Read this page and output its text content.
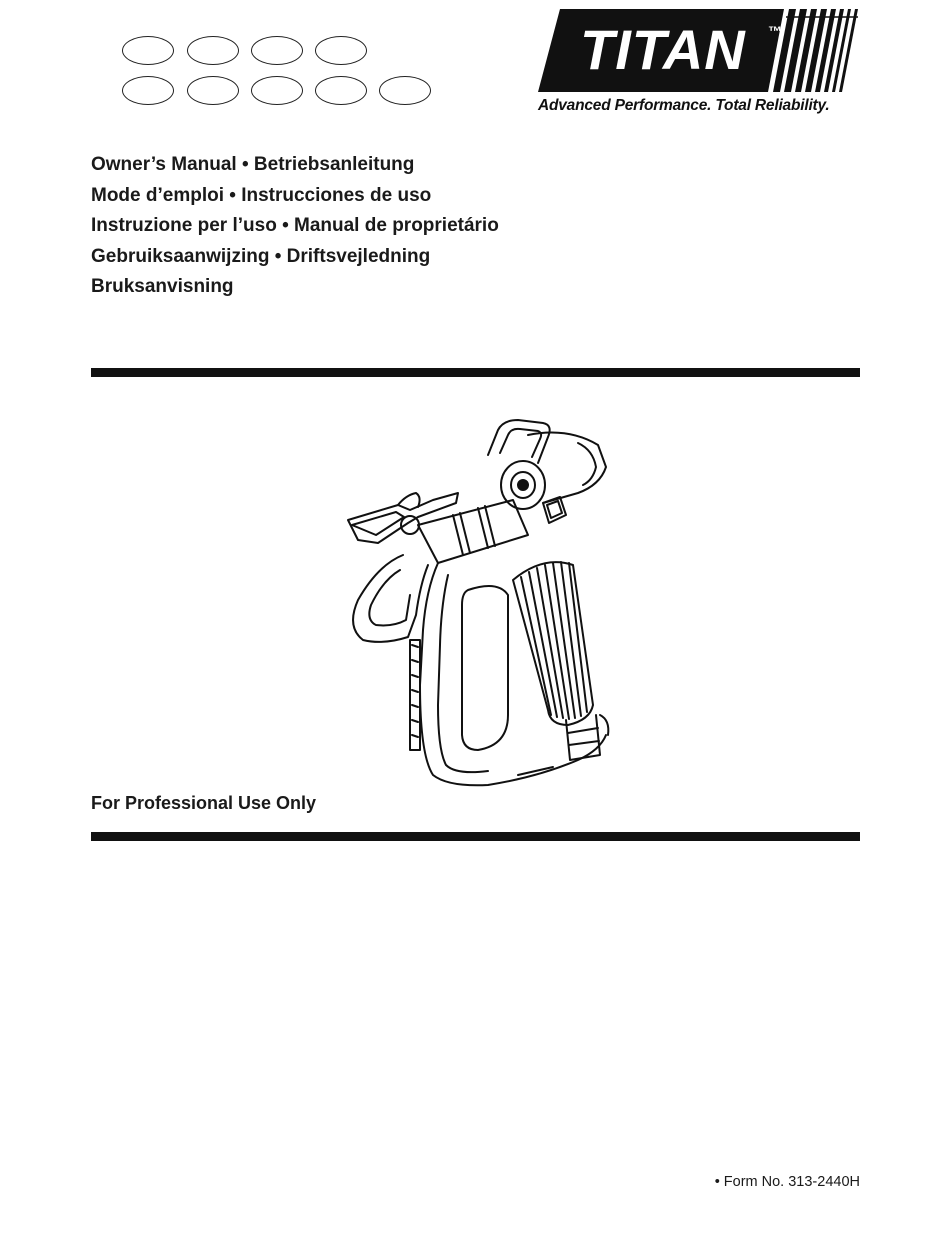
TITAN ™
Advanced Performance. Total Reliability.
Owner’s Manual • Betriebsanleitung
Mode d’emploi • Instrucciones de uso
Instruzione per l’uso • Manual de proprietário
Gebruiksaanwijzing • Driftsvejledning
Bruksanvisning
For Professional Use Only
• Form No. 313-2440H
